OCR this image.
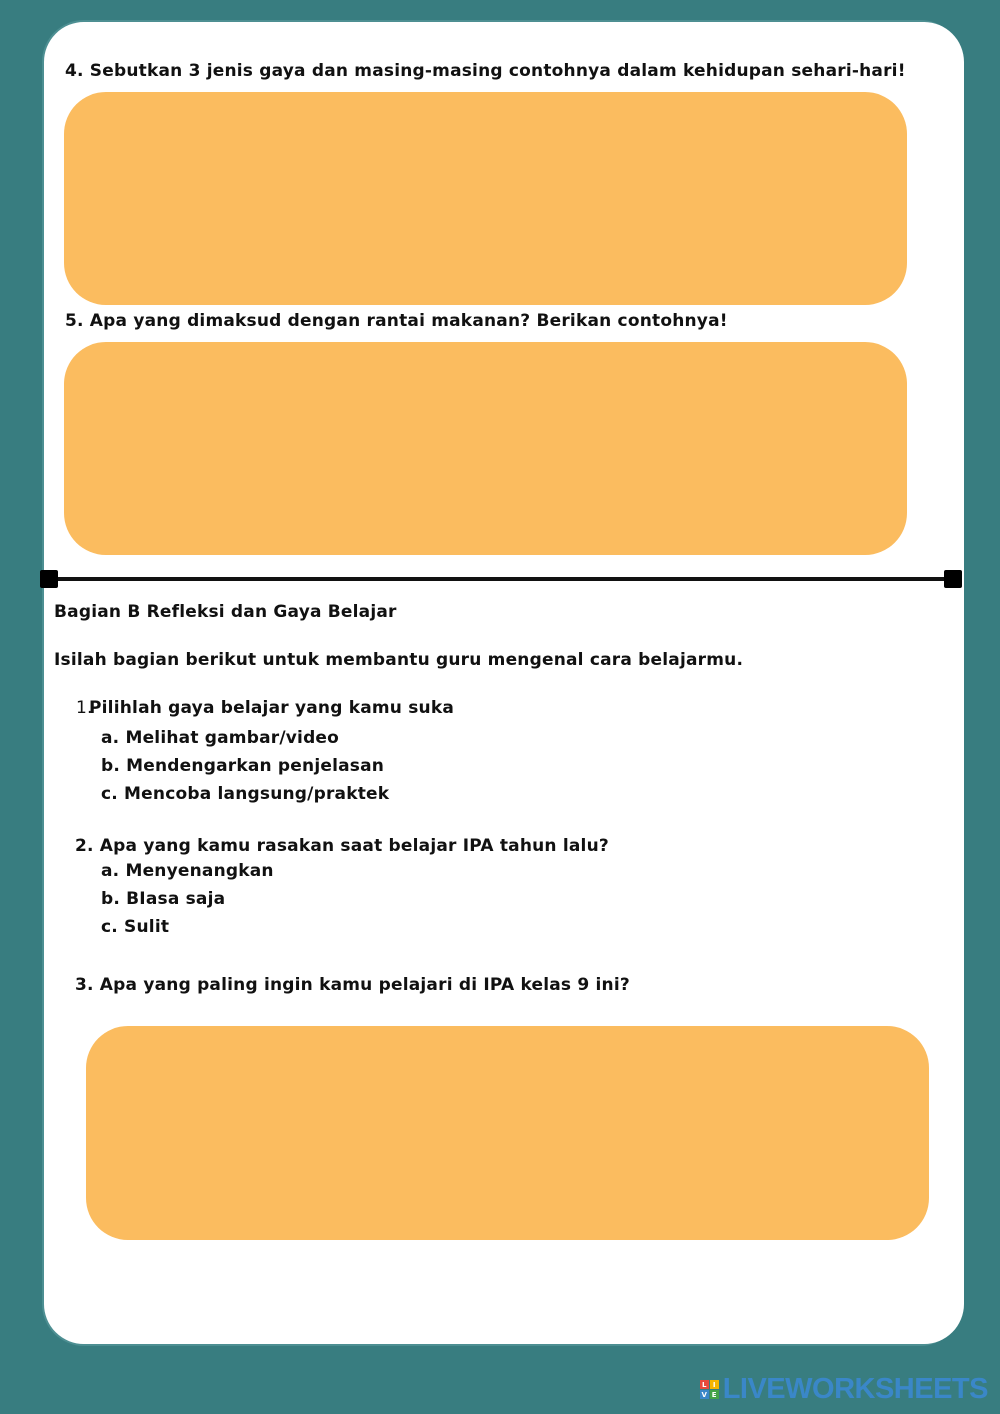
4. Sebutkan 3 jenis gaya dan masing-masing contohnya dalam kehidupan sehari-hari!
5. Apa yang dimaksud dengan rantai makanan? Berikan contohnya!
Bagian B Refleksi dan Gaya Belajar
Isilah bagian berikut untuk membantu guru mengenal cara belajarmu.
1.
Pilihlah gaya belajar yang kamu suka
a. Melihat gambar/video
b. Mendengarkan penjelasan
c. Mencoba langsung/praktek
2. Apa yang kamu rasakan saat belajar IPA tahun lalu?
a. Menyenangkan
b. BIasa saja
c. Sulit
3. Apa yang paling ingin kamu pelajari di IPA kelas 9 ini?
L I
V E LIVEWORKSHEETS
